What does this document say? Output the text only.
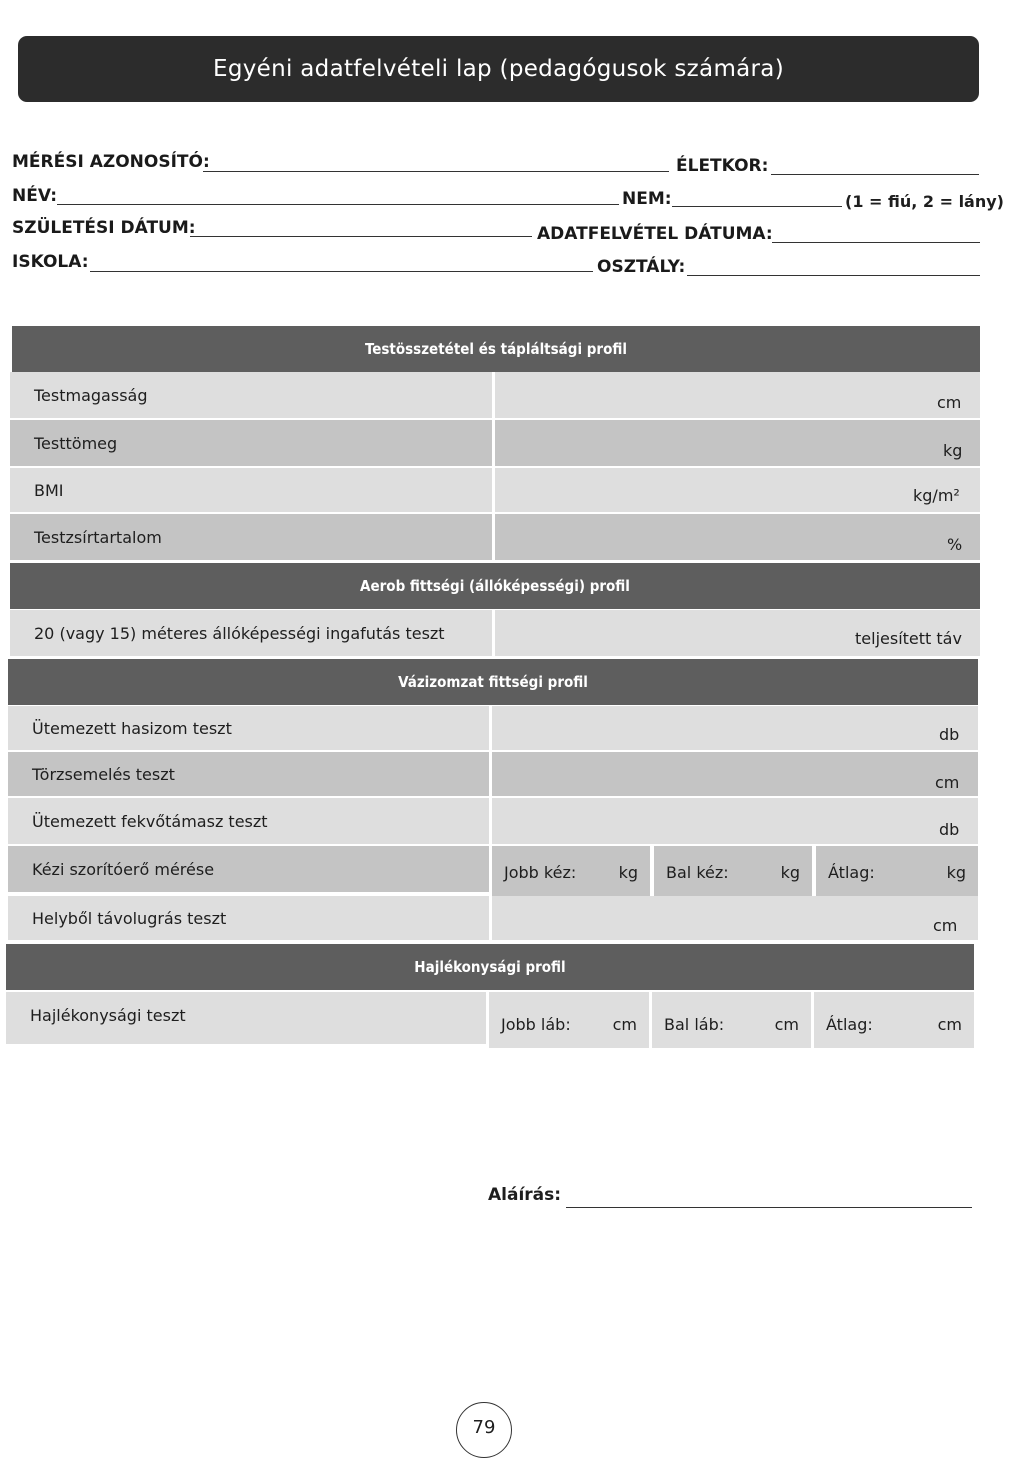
Egyéni adatfelvételi lap (pedagógusok számára)
MÉRÉSI AZONOSÍTÓ:	ÉLETKOR:
NÉV:	NEM:	(1 = fiú, 2 = lány)
SZÜLETÉSI DÁTUM:	ADATFELVÉTEL DÁTUMA:
ISKOLA:	OSZTÁLY:
Testösszetétel és tápláltsági profil
Testmagasság	cm
Testtömeg	kg
BMI	kg/m²
Testzsírtartalom	%
Aerob fittségi (állóképességi) profil
20 (vagy 15) méteres állóképességi ingafutás teszt	teljesített táv
Vázizomzat fittségi profil
Ütemezett hasizom teszt	db
Törzsemelés teszt	cm
Ütemezett fekvőtámasz teszt	db
Kézi szorítóerő mérése	Jobb kéz:	kg Bal kéz:	kg Átlag:	kg
Helyből távolugrás teszt	cm
Hajlékonysági profil
Hajlékonysági teszt	Jobb láb:	cm Bal láb:	cm Átlag:	cm
Aláírás:
79
